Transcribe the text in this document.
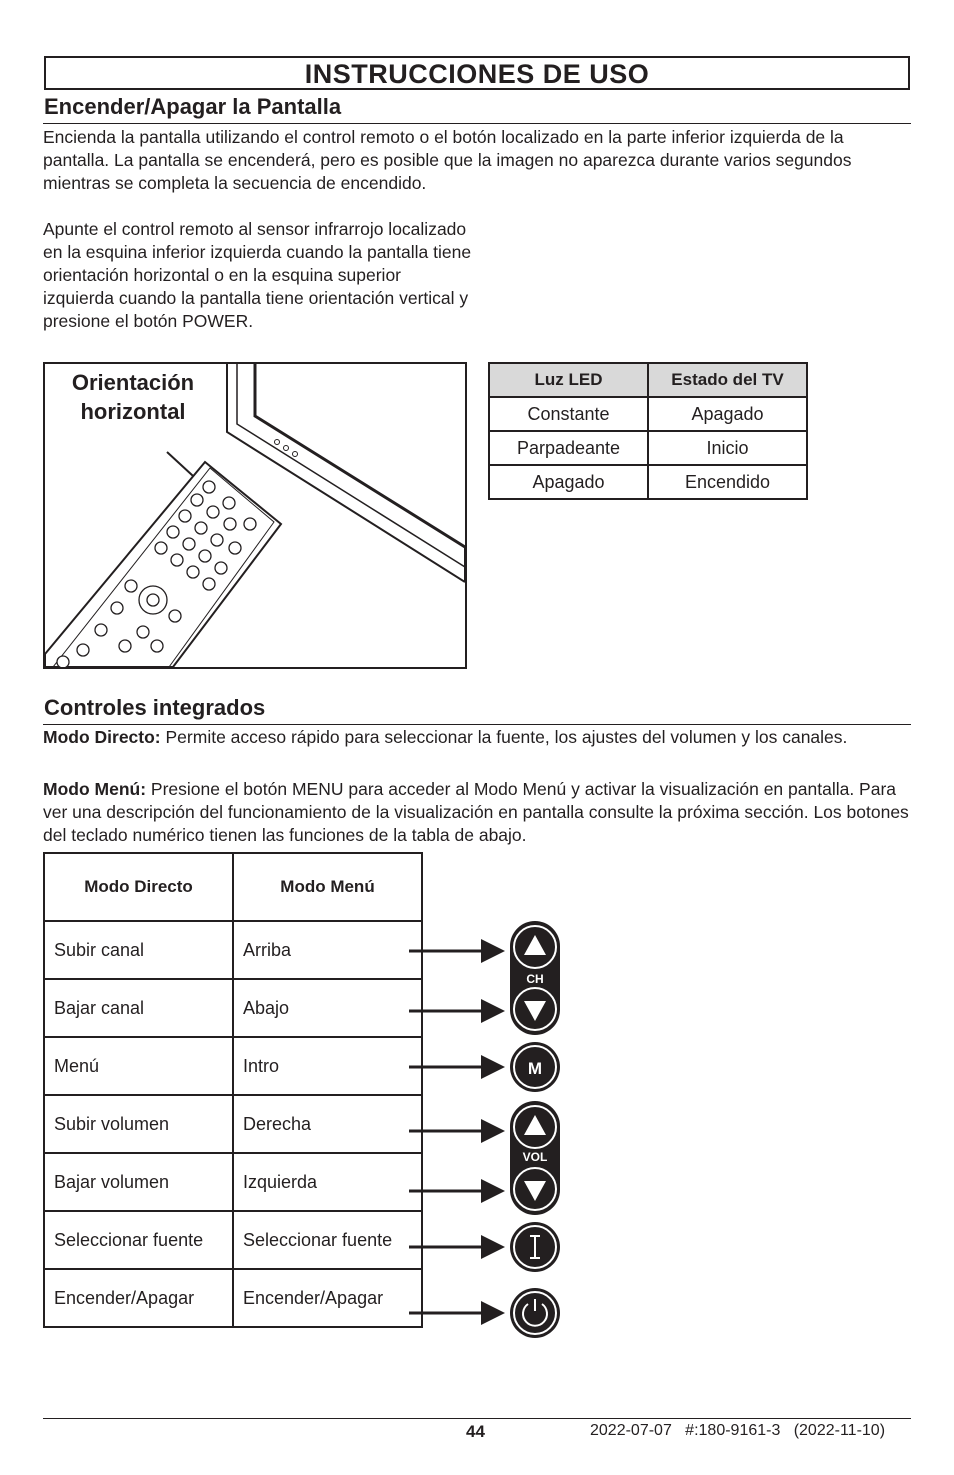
INSTRUCCIONES DE USO
Encender/Apagar la Pantalla
Encienda la pantalla utilizando el control remoto o el botón localizado en la parte inferior izquierda de la pantalla. La pantalla se encenderá, pero es posible que la imagen no aparezca durante varios segundos mientras se completa la secuencia de encendido.
Apunte el control remoto al sensor infrarrojo localizado en la esquina inferior izquierda cuando la pantalla tiene orientación horizontal o en la esquina superior izquierda cuando la pantalla tiene orientación vertical y presione el botón POWER.
Orientación
horizontal
Luz LED	Estado del TV
Constante	Apagado
Parpadeante	Inicio
Apagado	Encendido
Controles integrados
Modo Directo: Permite acceso rápido para seleccionar la fuente, los ajustes del volumen y los canales.
Modo Menú: Presione el botón MENU para acceder al Modo Menú y activar la visualización en pantalla. Para ver una descripción del funcionamiento de la visualización en pantalla consulte la próxima sección. Los botones del teclado numérico tienen las funciones de la tabla de abajo.
Modo Directo	Modo Menú
Subir canal	Arriba
Bajar canal	Abajo
Menú	Intro
Subir volumen	Derecha
Bajar volumen	Izquierda
Seleccionar fuente	Seleccionar fuente
Encender/Apagar	Encender/Apagar
CH
M
VOL
44	2022-07-07   #:180-9161-3   (2022-11-10)
